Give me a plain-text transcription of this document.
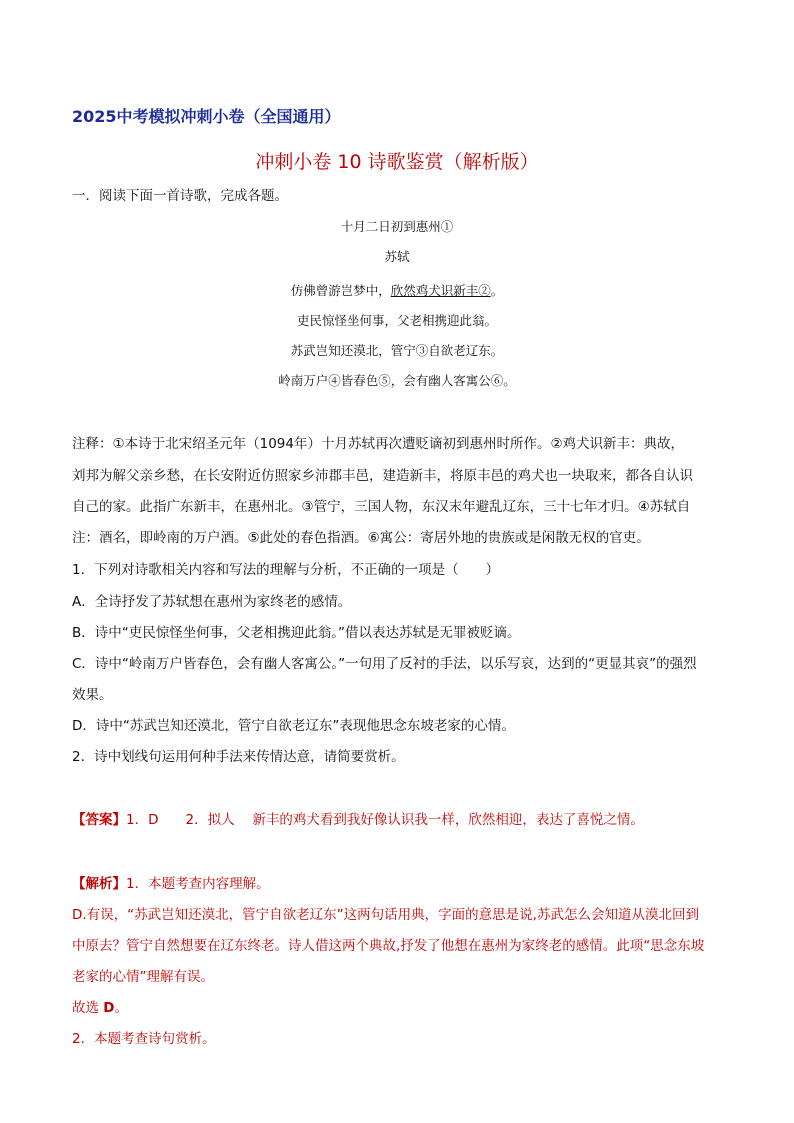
2025中考模拟冲刺小卷（全国通用）
冲刺小卷 10 诗歌鉴赏（解析版）
一．阅读下面一首诗歌，完成各题。
十月二日初到惠州①
苏轼
仿佛曾游岂梦中，欣然鸡犬识新丰②。
吏民惊怪坐何事，父老相携迎此翁。
苏武岂知还漠北，管宁③自欲老辽东。
岭南万户④皆春色⑤，会有幽人客寓公⑥。
注释：①本诗于北宋绍圣元年（1094年）十月苏轼再次遭贬谪初到惠州时所作。②鸡犬识新丰：典故，
刘邦为解父亲乡愁，在长安附近仿照家乡沛郡丰邑，建造新丰，将原丰邑的鸡犬也一块取来，都各自认识
自己的家。此指广东新丰，在惠州北。③管宁，三国人物，东汉末年避乱辽东，三十七年才归。④苏轼自
注：酒名，即岭南的万户酒。⑤此处的春色指酒。⑥寓公：寄居外地的贵族或是闲散无权的官吏。
1．下列对诗歌相关内容和写法的理解与分析，不正确的一项是（　　）
A．全诗抒发了苏轼想在惠州为家终老的感情。
B．诗中“吏民惊怪坐何事，父老相携迎此翁。”借以表达苏轼是无罪被贬谪。
C．诗中“岭南万户皆春色，会有幽人客寓公。”一句用了反衬的手法，以乐写哀，达到的“更显其哀”的强烈
效果。
D．诗中“苏武岂知还漠北，管宁自欲老辽东”表现他思念东坡老家的心情。
2．诗中划线句运用何种手法来传情达意，请简要赏析。
【答案】1．D　　2．拟人　 新丰的鸡犬看到我好像认识我一样，欣然相迎，表达了喜悦之情。
【解析】1．本题考查内容理解。
D.有误，“苏武岂知还漠北，管宁自欲老辽东”这两句话用典，字面的意思是说,苏武怎么会知道从漠北回到
中原去？管宁自然想要在辽东终老。诗人借这两个典故,抒发了他想在惠州为家终老的感情。此项“思念东坡
老家的心情”理解有误。
故选 D。
2．本题考查诗句赏析。
